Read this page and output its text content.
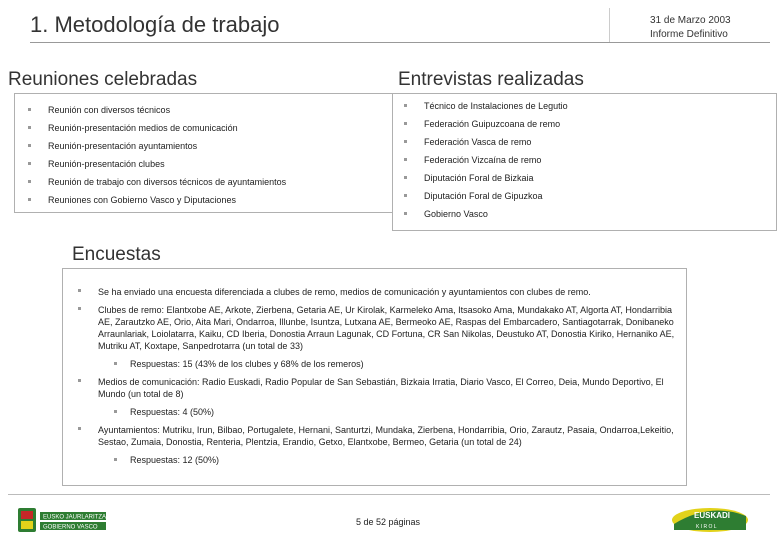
1. Metodología de trabajo	31 de Marzo 2003
Informe Definitivo
Reuniones celebradas
Reunión con diversos técnicos
Reunión-presentación medios de comunicación
Reunión-presentación ayuntamientos
Reunión-presentación clubes
Reunión de trabajo con diversos técnicos de ayuntamientos
Reuniones con Gobierno Vasco y Diputaciones
Entrevistas realizadas
Técnico de Instalaciones de Legutio
Federación Guipuzcoana de remo
Federación Vasca de remo
Federación Vizcaína de remo
Diputación Foral de Bizkaia
Diputación Foral de Gipuzkoa
Gobierno Vasco
Encuestas
Se ha enviado una encuesta diferenciada a clubes de remo, medios de comunicación y ayuntamientos con clubes de remo.
Clubes de remo: Elantxobe AE, Arkote, Zierbena, Getaria AE, Ur Kirolak, Karmeleko Ama, Itsasoko Ama, Mundakako AT, Algorta AT, Hondarribia AE, Zarautzko AE, Orio, Aita Mari, Ondarroa, Illunbe, Isuntza, Lutxana AE, Bermeoko AE, Raspas del Embarcadero, Santiagotarrak, Donibaneko Arraunlariak, Loiolatarra, Kaiku, CD Iberia, Donostia Arraun Lagunak, CD Fortuna, CR San Nikolas, Deustuko AT, Donostia Kiriko, Hernaniko AE, Mutriku AT, Koxtape, Sanpedrotarra (un total de 33)
Respuestas: 15 (43% de los clubes y 68% de los remeros)
Medios de comunicación: Radio Euskadi, Radio Popular de San Sebastián, Bizkaia Irratia, Diario Vasco, El Correo, Deia, Mundo Deportivo, El Mundo (un total de 8)
Respuestas: 4 (50%)
Ayuntamientos: Mutriku, Irun, Bilbao, Portugalete, Hernani, Santurtzi, Mundaka, Zierbena, Hondarribia, Orio, Zarautz, Pasaia, Ondarroa,Lekeitio, Sestao, Zumaia, Donostia, Renteria, Plentzia, Erandio, Getxo, Elantxobe, Bermeo, Getaria (un total de 24)
Respuestas: 12 (50%)
EUSKO JAURLARITZA
GOBIERNO VASCO
5 de 52 páginas
EUSKADI
K I R O L
